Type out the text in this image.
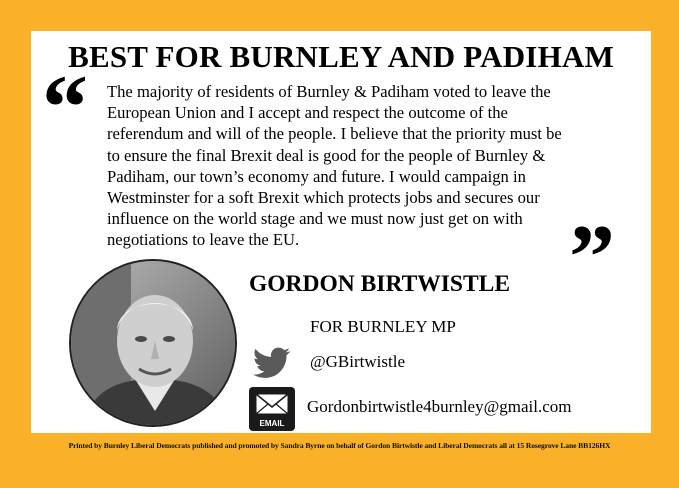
BEST FOR BURNLEY AND PADIHAM
“ The majority of residents of Burnley & Padiham voted to leave the
European Union and I accept and respect the outcome of the
referendum and will of the people. I believe that the priority must be
to ensure the final Brexit deal is good for the people of Burnley &
Padiham, our town’s economy and future. I would campaign in
Westminster for a soft Brexit which protects jobs and secures our
influence on the world stage and we must now just get on with
negotiations to leave the EU.	”
GORDON BIRTWISTLE
FOR BURNLEY MP
@GBirtwistle
EMAIL
Gordonbirtwistle4burnley@gmail.com
Printed by Burnley Liberal Democrats published and promoted by Sandra Byrne on behalf of Gordon Birtwistle and Liberal Democrats all at 15 Rosegrove Lane BB126HX
